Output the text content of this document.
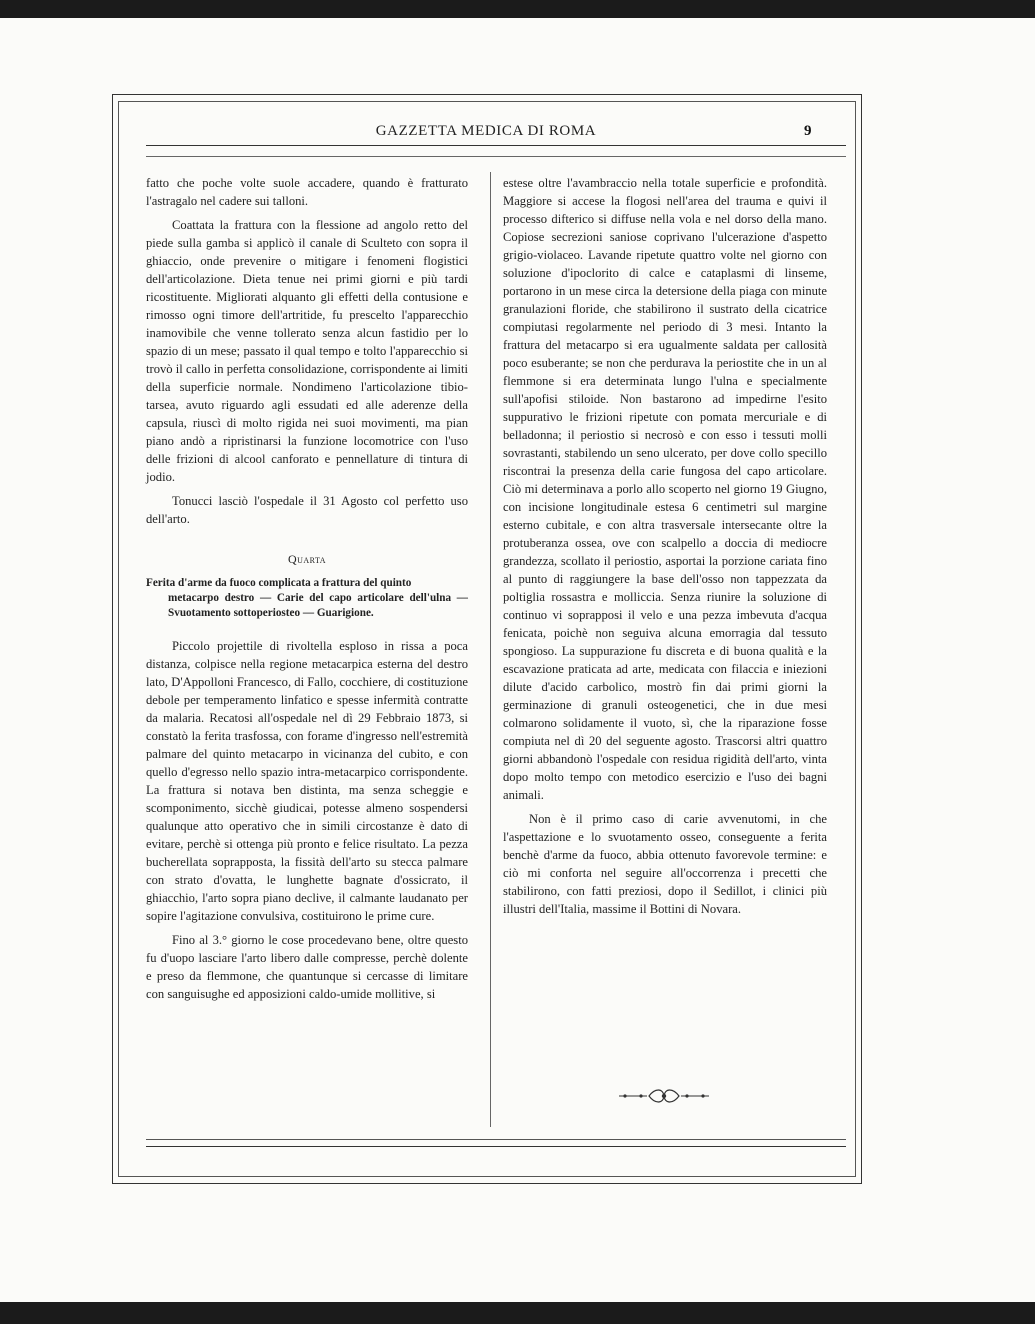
GAZZETTA MEDICA DI ROMA	9

fatto che poche volte suole accadere, quando è fratturato l'astragalo nel cadere sui talloni.

Coattata la frattura con la flessione ad angolo retto del piede sulla gamba si applicò il canale di Sculteto con sopra il ghiaccio, onde prevenire o mitigare i fenomeni flogistici dell'articolazione. Dieta tenue nei primi giorni e più tardi ricostituente. Migliorati alquanto gli effetti della contusione e rimosso ogni timore dell'artritide, fu prescelto l'apparecchio inamovibile che venne tollerato senza alcun fastidio per lo spazio di un mese; passato il qual tempo e tolto l'apparecchio si trovò il callo in perfetta consolidazione, corrispondente ai limiti della superficie normale. Nondimeno l'articolazione tibio-tarsea, avuto riguardo agli essudati ed alle aderenze della capsula, riuscì di molto rigida nei suoi movimenti, ma pian piano andò a ripristinarsi la funzione locomotrice con l'uso delle frizioni di alcool canforato e pennellature di tintura di jodio.

Tonucci lasciò l'ospedale il 31 Agosto col perfetto uso dell'arto.

Quarta
Ferita d'arme da fuoco complicata a frattura del quinto
metacarpo destro — Carie del capo articolare dell'ulna — Svuotamento sottoperiosteo — Guarigione.

Piccolo projettile di rivoltella esploso in rissa a poca distanza, colpisce nella regione metacarpica esterna del destro lato, D'Appolloni Francesco, di Fallo, cocchiere, di costituzione debole per temperamento linfatico e spesse infermità contratte da malaria. Recatosi all'ospedale nel dì 29 Febbraio 1873, si constatò la ferita trasfossa, con forame d'ingresso nell'estremità palmare del quinto metacarpo in vicinanza del cubito, e con quello d'egresso nello spazio intra-metacarpico corrispondente. La frattura si notava ben distinta, ma senza scheggie e scomponimento, sicchè giudicai, potesse almeno sospendersi qualunque atto operativo che in simili circostanze è dato di evitare, perchè si ottenga più pronto e felice risultato. La pezza bucherellata soprapposta, la fissità dell'arto su stecca palmare con strato d'ovatta, le lunghette bagnate d'ossicrato, il ghiacchio, l'arto sopra piano declive, il calmante laudanato per sopire l'agitazione convulsiva, costituirono le prime cure.

Fino al 3.° giorno le cose procedevano bene, oltre questo fu d'uopo lasciare l'arto libero dalle compresse, perchè dolente e preso da flemmone, che quantunque si cercasse di limitare con sanguisughe ed apposizioni caldo-umide mollitive, si

estese oltre l'avambraccio nella totale superficie e profondità. Maggiore si accese la flogosi nell'area del trauma e quivi il processo difterico si diffuse nella vola e nel dorso della mano. Copiose secrezioni saniose coprivano l'ulcerazione d'aspetto grigio-violaceo. Lavande ripetute quattro volte nel giorno con soluzione d'ipoclorito di calce e cataplasmi di linseme, portarono in un mese circa la detersione della piaga con minute granulazioni floride, che stabilirono il sustrato della cicatrice compiutasi regolarmente nel periodo di 3 mesi. Intanto la frattura del metacarpo si era ugualmente saldata per callosità poco esuberante; se non che perdurava la periostite che in un al flemmone si era determinata lungo l'ulna e specialmente sull'apofisi stiloide. Non bastarono ad impedirne l'esito suppurativo le frizioni ripetute con pomata mercuriale e di belladonna; il periostio si necrosò e con esso i tessuti molli sovrastanti, stabilendo un seno ulcerato, per dove collo specillo riscontrai la presenza della carie fungosa del capo articolare. Ciò mi determinava a porlo allo scoperto nel giorno 19 Giugno, con incisione longitudinale estesa 6 centimetri sul margine esterno cubitale, e con altra trasversale intersecante oltre la protuberanza ossea, ove con scalpello a doccia di mediocre grandezza, scollato il periostio, asportai la porzione cariata fino al punto di raggiungere la base dell'osso non tappezzata da poltiglia rossastra e molliccia. Senza riunire la soluzione di continuo vi soprapposi il velo e una pezza imbevuta d'acqua fenicata, poichè non seguiva alcuna emorragia dal tessuto spongioso. La suppurazione fu discreta e di buona qualità e la escavazione praticata ad arte, medicata con filaccia e iniezioni dilute d'acido carbolico, mostrò fin dai primi giorni la germinazione di granuli osteogenetici, che in due mesi colmarono solidamente il vuoto, sì, che la riparazione fosse compiuta nel dì 20 del seguente agosto. Trascorsi altri quattro giorni abbandonò l'ospedale con residua rigidità dell'arto, vinta dopo molto tempo con metodico esercizio e l'uso dei bagni animali.

Non è il primo caso di carie avvenutomi, in che l'aspettazione e lo svuotamento osseo, conseguente a ferita benchè d'arme da fuoco, abbia ottenuto favorevole termine: e ciò mi conforta nel seguire all'occorrenza i precetti che stabilirono, con fatti preziosi, dopo il Sedillot, i clinici più illustri dell'Italia, massime il Bottini di Novara.
